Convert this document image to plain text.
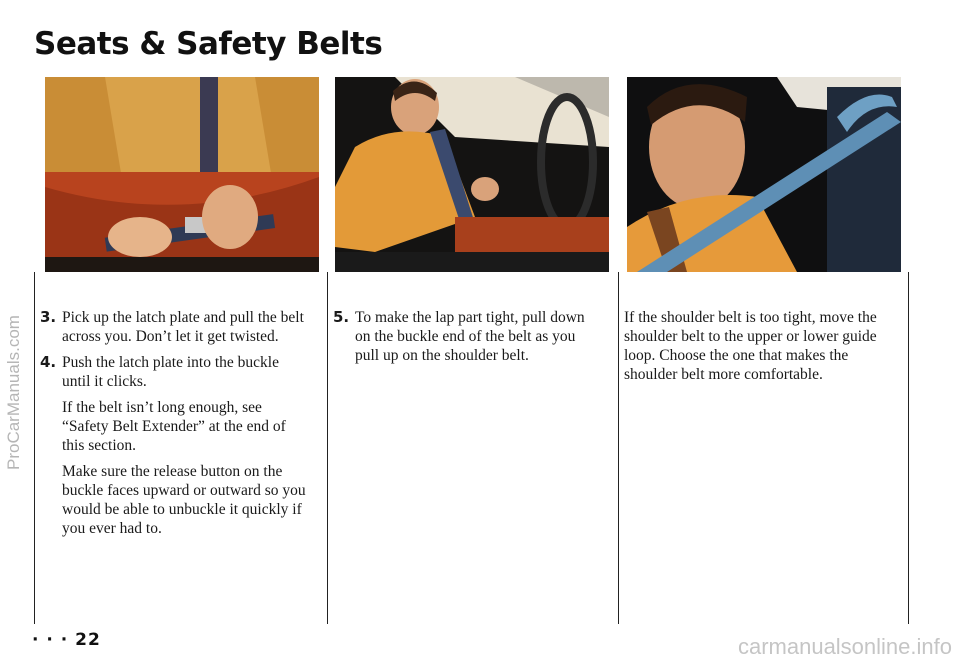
Seats & Safety Belts

3. Pick up the latch plate and pull the belt across you. Don’t let it get twisted.

4. Push the latch plate into the buckle until it clicks.

If the belt isn’t long enough, see “Safety Belt Extender” at the end of this section.

Make sure the release button on the buckle faces upward or outward so you would be able to unbuckle it quickly if you ever had to.

5. To make the lap part tight, pull down on the buckle end of the belt as you pull up on the shoulder belt.

If the shoulder belt is too tight, move the shoulder belt to the upper or lower guide loop. Choose the one that makes the shoulder belt more comfortable.

· · · 22
ProCarManuals.com
carmanualsonline.info
